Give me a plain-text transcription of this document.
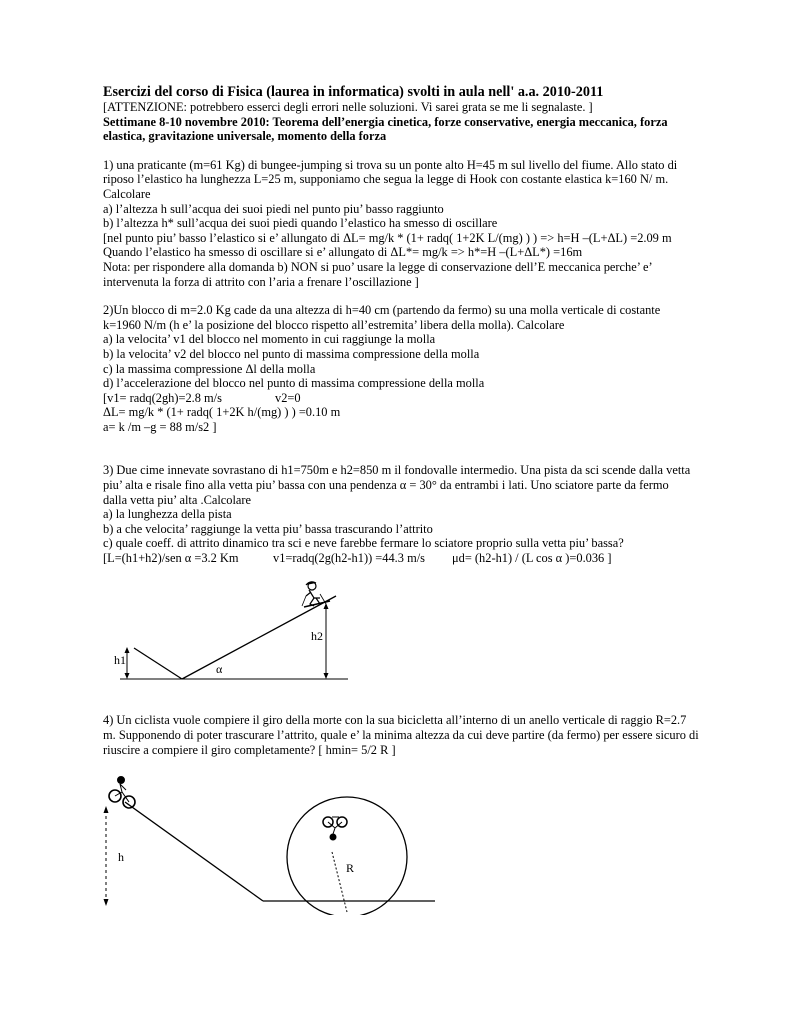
Esercizi del corso di Fisica (laurea in informatica) svolti in aula nell' a.a. 2010-2011

[ATTENZIONE: potrebbero esserci degli errori nelle soluzioni. Vi sarei grata se me li segnalaste. ]

Settimane 8-10 novembre 2010: Teorema dell’energia cinetica, forze conservative, energia meccanica, forza

elastica, gravitazione universale, momento della forza

1) una praticante (m=61 Kg) di bungee-jumping si trova su un ponte alto H=45 m sul livello del fiume. Allo stato di

riposo l’elastico ha lunghezza L=25 m, supponiamo che segua la legge di Hook con costante elastica k=160 N/ m.

Calcolare

a) l’altezza h sull’acqua dei suoi piedi nel punto piu’ basso raggiunto

b) l’altezza h* sull’acqua dei suoi piedi quando l’elastico ha smesso di oscillare

[nel punto piu’ basso l’elastico si e’ allungato di ΔL= mg/k * (1+ radq( 1+2K L/(mg) ) ) => h=H –(L+ΔL) =2.09 m

Quando l’elastico ha smesso di oscillare si e’ allungato di ΔL*= mg/k => h*=H –(L+ΔL*) =16m

Nota: per rispondere alla domanda b) NON si puo’ usare la legge di conservazione dell’E meccanica perche’ e’

intervenuta la forza di attrito con l’aria a frenare l’oscillazione ]

2)Un blocco di m=2.0 Kg cade da una altezza di h=40 cm (partendo da fermo) su una molla verticale di costante

k=1960 N/m (h e’ la posizione del blocco rispetto all’estremita’ libera della molla). Calcolare

a) la velocita’ v1 del blocco nel momento in cui raggiunge la molla

b) la velocita’ v2 del blocco nel punto di massima compressione della molla

c) la massima compressione Δl della molla

d) l’accelerazione del blocco nel punto di massima compressione della molla

[v1= radq(2gh)=2.8 m/s	v2=0

ΔL= mg/k * (1+ radq( 1+2K h/(mg) ) ) =0.10 m

a= k /m –g = 88 m/s2 ]

3) Due cime innevate sovrastano di h1=750m e h2=850 m il fondovalle intermedio. Una pista da sci scende dalla vetta

piu’ alta e risale fino alla vetta piu’ bassa con una pendenza α = 30° da entrambi i lati. Uno sciatore parte da fermo

dalla vetta piu’ alta .Calcolare

a) la lunghezza della pista

b) a che velocita’ raggiunge la vetta piu’ bassa trascurando l’attrito

c) quale coeff. di attrito dinamico tra sci e neve farebbe fermare lo sciatore proprio sulla vetta piu’ bassa?

[L=(h1+h2)/sen α =3.2 Km	v1=radq(2g(h2-h1)) =44.3 m/s μd= (h2-h1) / (L cos α )=0.036 ]

h1
h2
α

4) Un ciclista vuole compiere il giro della morte con la sua bicicletta all’interno di un anello verticale di raggio R=2.7

m. Supponendo di poter trascurare l’attrito, quale e’ la minima altezza da cui deve partire (da fermo) per essere sicuro di

riuscire a compiere il giro completamente? [ hmin= 5/2 R ]

R
h
